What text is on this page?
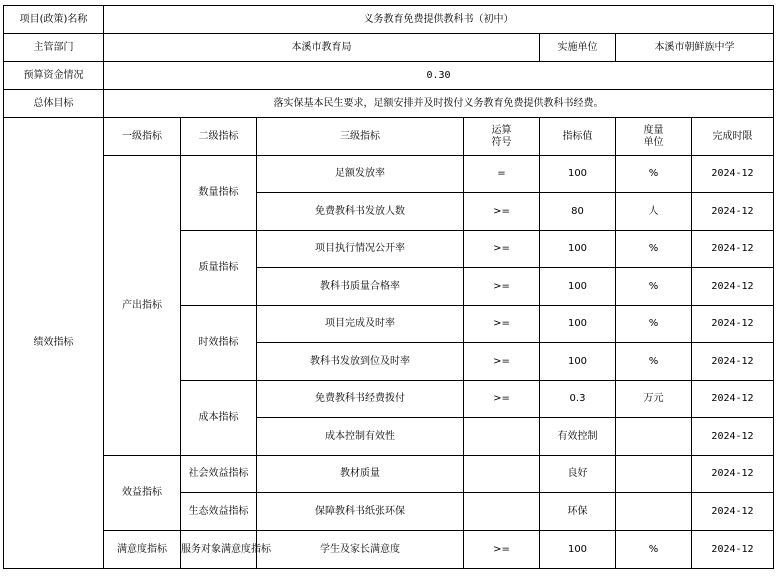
项目(政策)名称	义务教育免费提供教科书（初中）						
主管部门	本溪市教育局				实施单位	本溪市朝鲜族中学	
预算资金情况	0.30						
总体目标	落实保基本民生要求，足额安排并及时拨付义务教育免费提供教科书经费。						
绩效指标	一级指标	二级指标	三级指标	运算符号	指标值	度量单位	完成时限
	产出指标	数量指标	足额发放率	=	100	%	2024-12
			免费教科书发放人数	>=	80	人	2024-12
		质量指标	项目执行情况公开率	>=	100	%	2024-12
			教科书质量合格率	>=	100	%	2024-12
		时效指标	项目完成及时率	>=	100	%	2024-12
			教科书发放到位及时率	>=	100	%	2024-12
		成本指标	免费教科书经费拨付	>=	0.3	万元	2024-12
			成本控制有效性		有效控制		2024-12
	效益指标	社会效益指标	教材质量		良好		2024-12
		生态效益指标	保障教科书纸张环保		环保		2024-12
	满意度指标	服务对象满意度指标	学生及家长满意度	>=	100	%	2024-12
